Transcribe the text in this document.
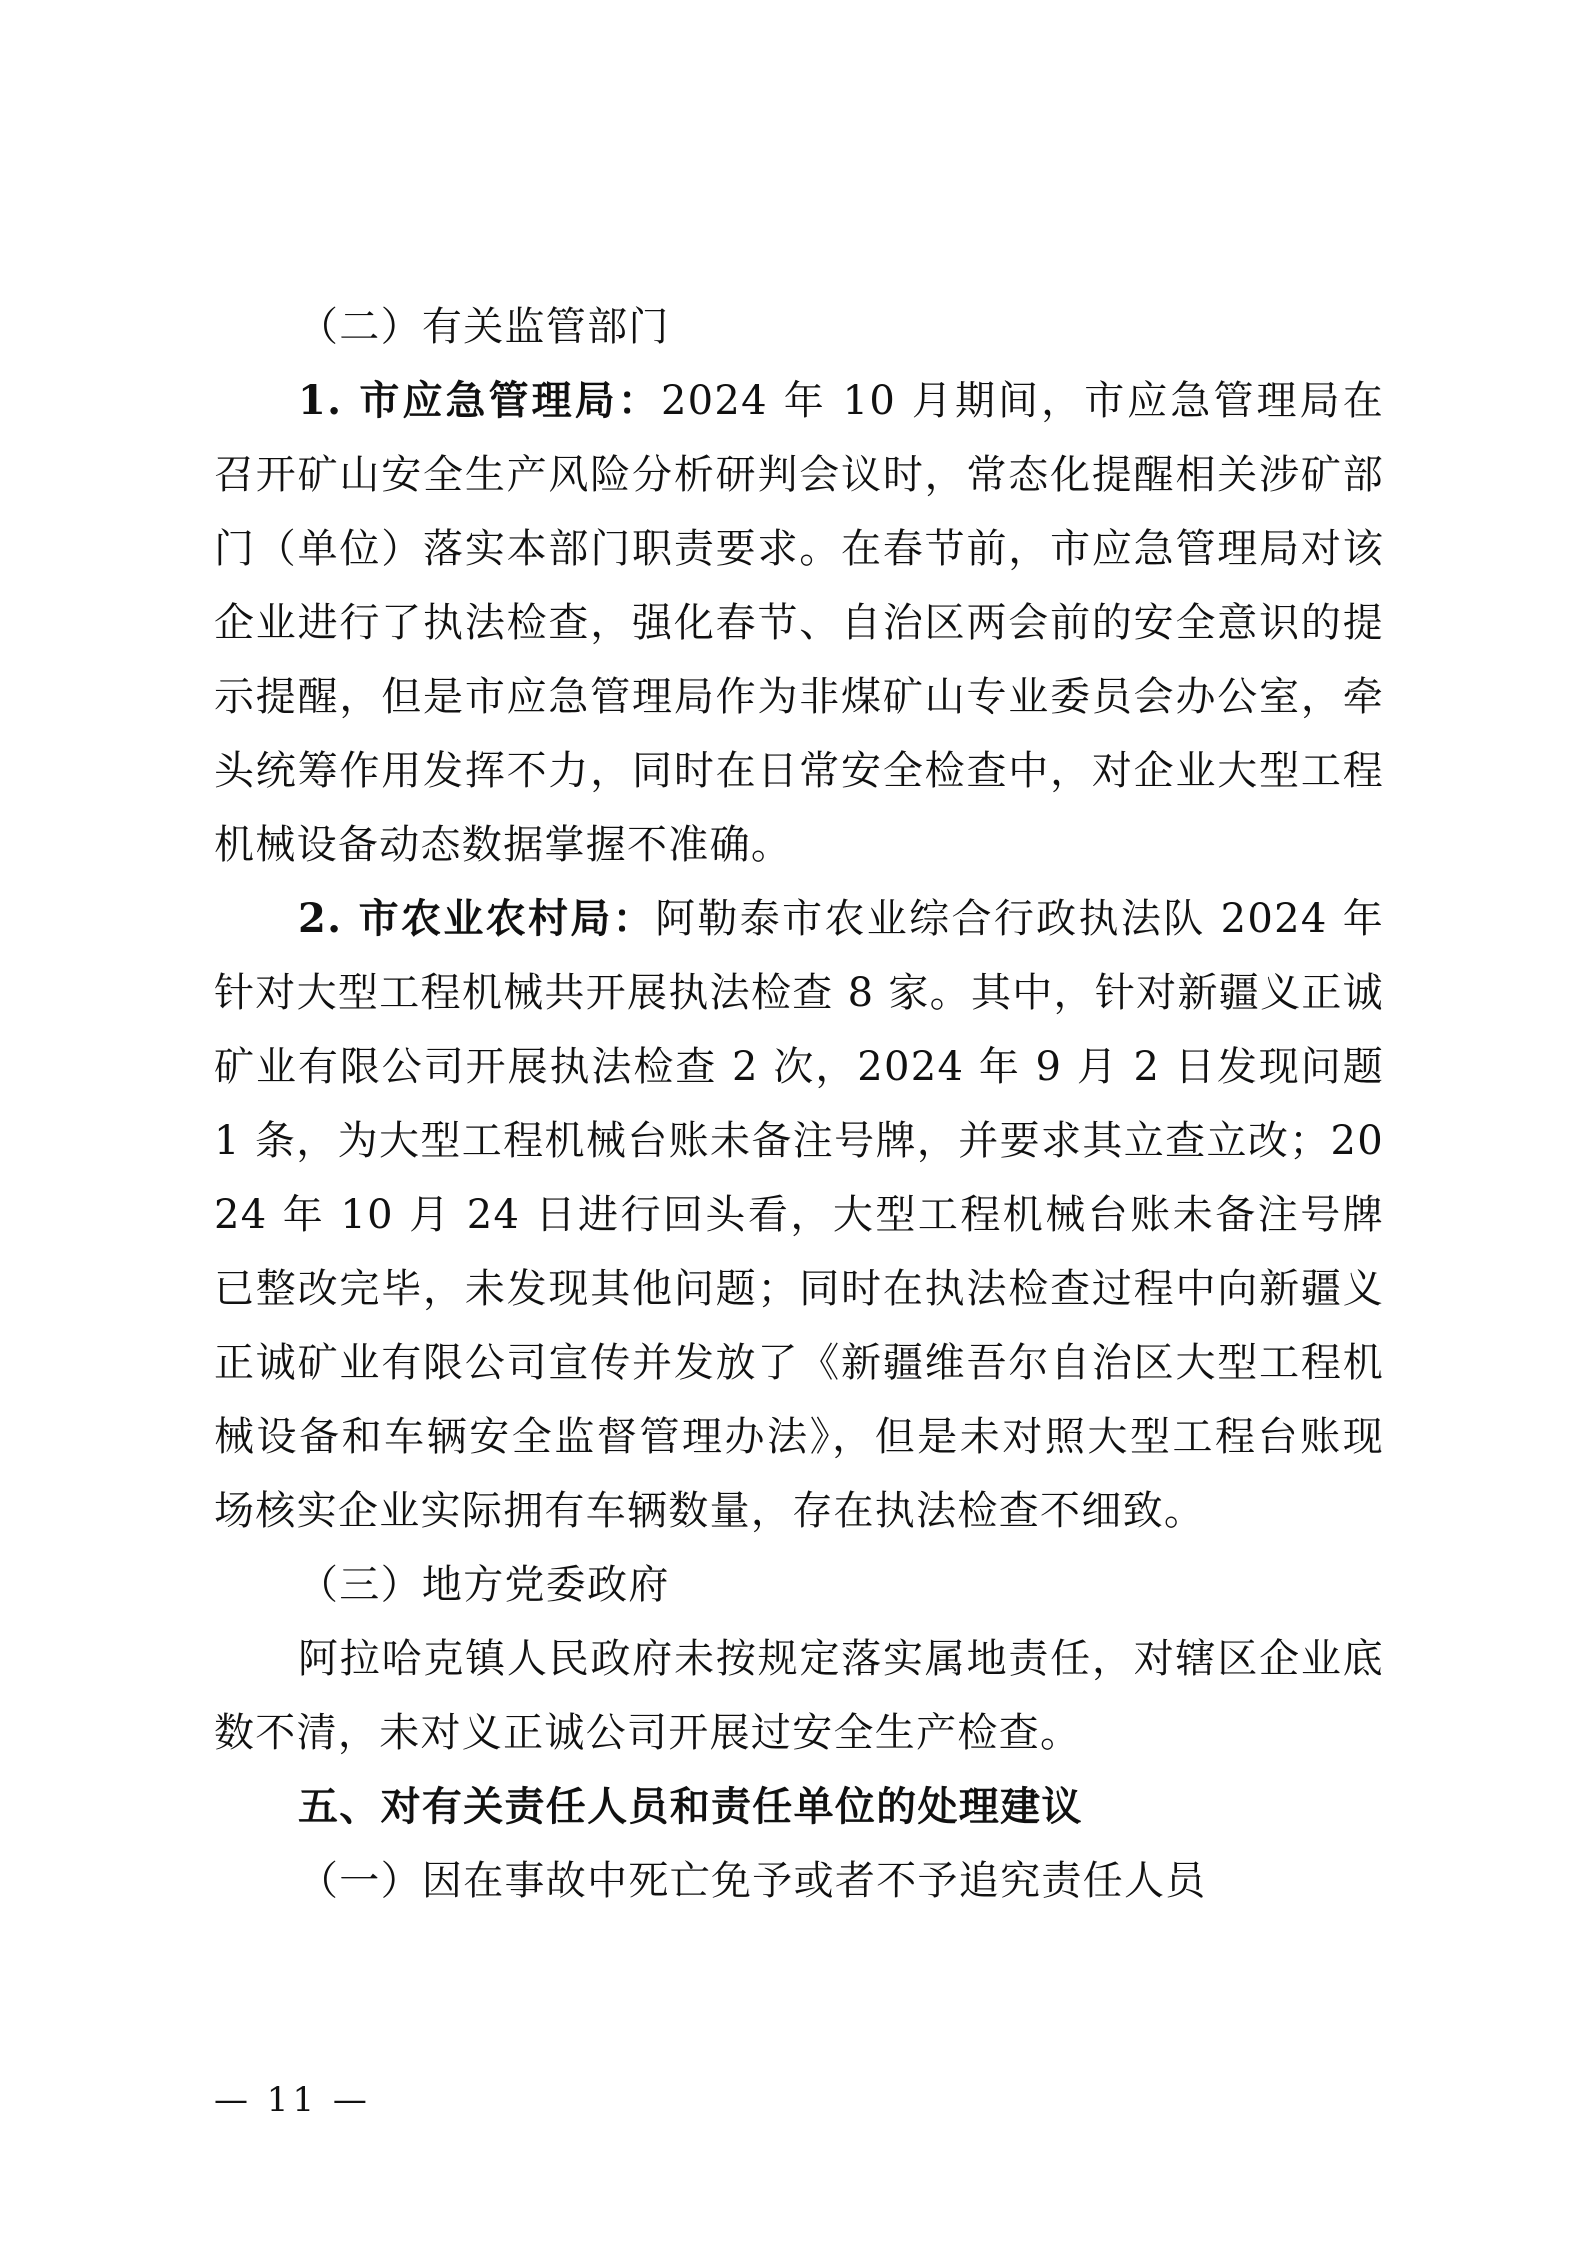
（二）有关监管部门

1. 市应急管理局：2024 年 10 月期间，市应急管理局在召开矿山安全生产风险分析研判会议时，常态化提醒相关涉矿部门（单位）落实本部门职责要求。在春节前，市应急管理局对该企业进行了执法检查，强化春节、自治区两会前的安全意识的提示提醒，但是市应急管理局作为非煤矿山专业委员会办公室，牵头统筹作用发挥不力，同时在日常安全检查中，对企业大型工程机械设备动态数据掌握不准确。

2. 市农业农村局：阿勒泰市农业综合行政执法队 2024 年针对大型工程机械共开展执法检查 8 家。其中，针对新疆义正诚矿业有限公司开展执法检查 2 次，2024 年 9 月 2 日发现问题 1 条，为大型工程机械台账未备注号牌，并要求其立查立改；2024 年 10 月 24 日进行回头看，大型工程机械台账未备注号牌已整改完毕，未发现其他问题；同时在执法检查过程中向新疆义正诚矿业有限公司宣传并发放了《新疆维吾尔自治区大型工程机械设备和车辆安全监督管理办法》，但是未对照大型工程台账现场核实企业实际拥有车辆数量，存在执法检查不细致。

（三）地方党委政府

阿拉哈克镇人民政府未按规定落实属地责任，对辖区企业底数不清，未对义正诚公司开展过安全生产检查。

五、对有关责任人员和责任单位的处理建议

（一）因在事故中死亡免予或者不予追究责任人员

— 11 —
